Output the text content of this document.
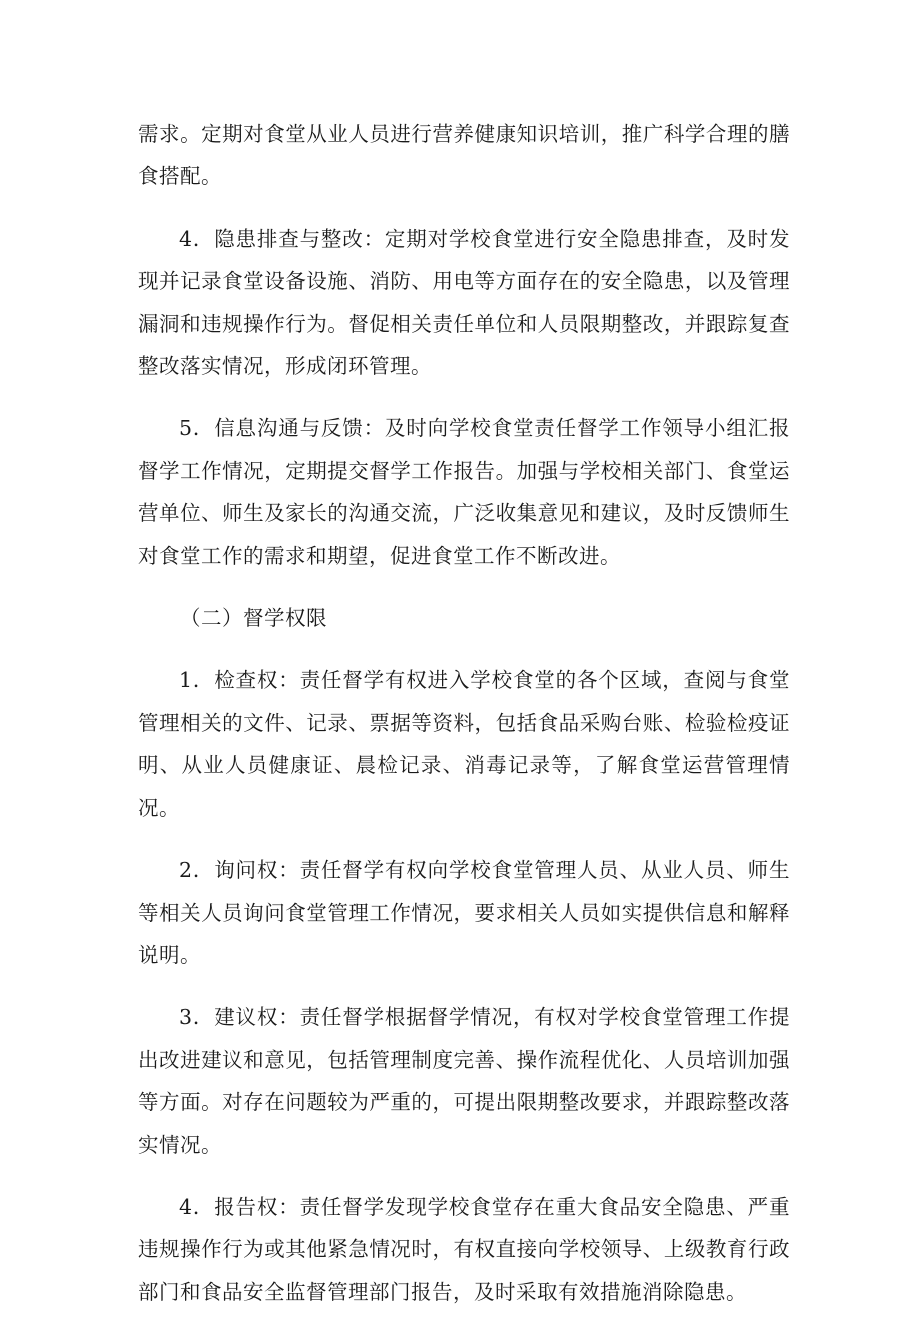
需求。定期对食堂从业人员进行营养健康知识培训，推广科学合理的膳食搭配。

4．隐患排查与整改：定期对学校食堂进行安全隐患排查，及时发现并记录食堂设备设施、消防、用电等方面存在的安全隐患，以及管理漏洞和违规操作行为。督促相关责任单位和人员限期整改，并跟踪复查整改落实情况，形成闭环管理。

5．信息沟通与反馈：及时向学校食堂责任督学工作领导小组汇报督学工作情况，定期提交督学工作报告。加强与学校相关部门、食堂运营单位、师生及家长的沟通交流，广泛收集意见和建议，及时反馈师生对食堂工作的需求和期望，促进食堂工作不断改进。

（二）督学权限

1．检查权：责任督学有权进入学校食堂的各个区域，查阅与食堂管理相关的文件、记录、票据等资料，包括食品采购台账、检验检疫证明、从业人员健康证、晨检记录、消毒记录等，了解食堂运营管理情况。

2．询问权：责任督学有权向学校食堂管理人员、从业人员、师生等相关人员询问食堂管理工作情况，要求相关人员如实提供信息和解释说明。

3．建议权：责任督学根据督学情况，有权对学校食堂管理工作提出改进建议和意见，包括管理制度完善、操作流程优化、人员培训加强等方面。对存在问题较为严重的，可提出限期整改要求，并跟踪整改落实情况。

4．报告权：责任督学发现学校食堂存在重大食品安全隐患、严重违规操作行为或其他紧急情况时，有权直接向学校领导、上级教育行政部门和食品安全监督管理部门报告，及时采取有效措施消除隐患。
